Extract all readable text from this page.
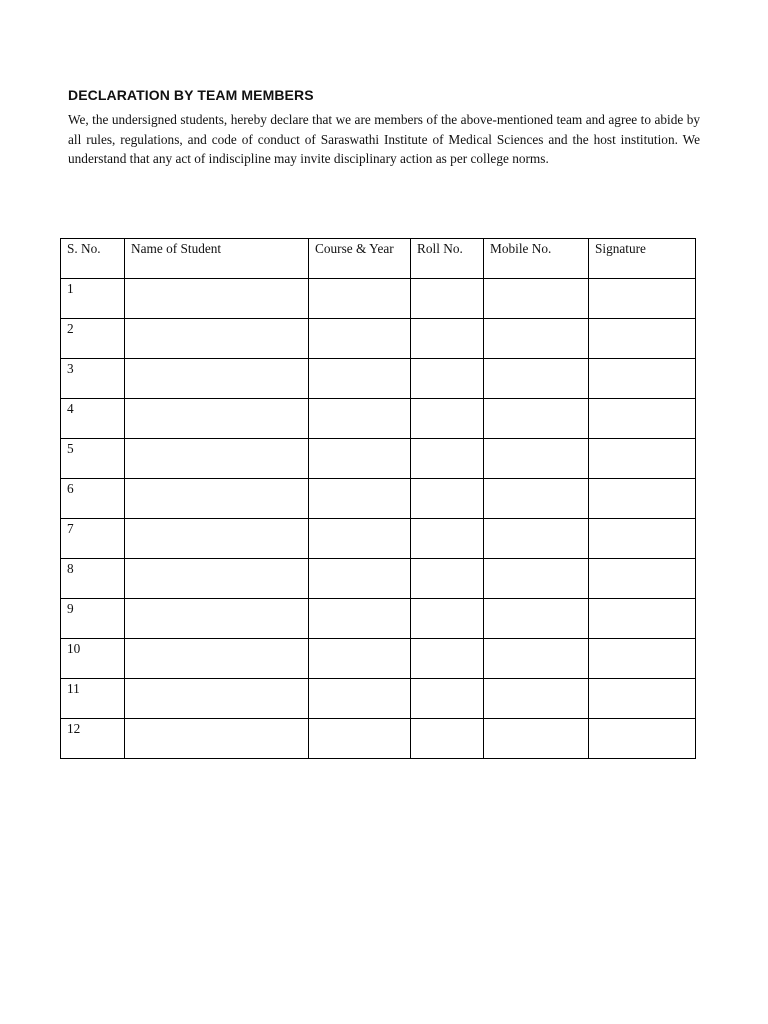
DECLARATION BY TEAM MEMBERS

We, the undersigned students, hereby declare that we are members of the above-mentioned team and agree to abide by all rules, regulations, and code of conduct of Saraswathi Institute of Medical Sciences and the host institution. We understand that any act of indiscipline may invite disciplinary action as per college norms.

S. No.	Name of Student	Course & Year	Roll No.	Mobile No.	Signature
1					
2					
3					
4					
5					
6					
7					
8					
9					
10					
11					
12					
